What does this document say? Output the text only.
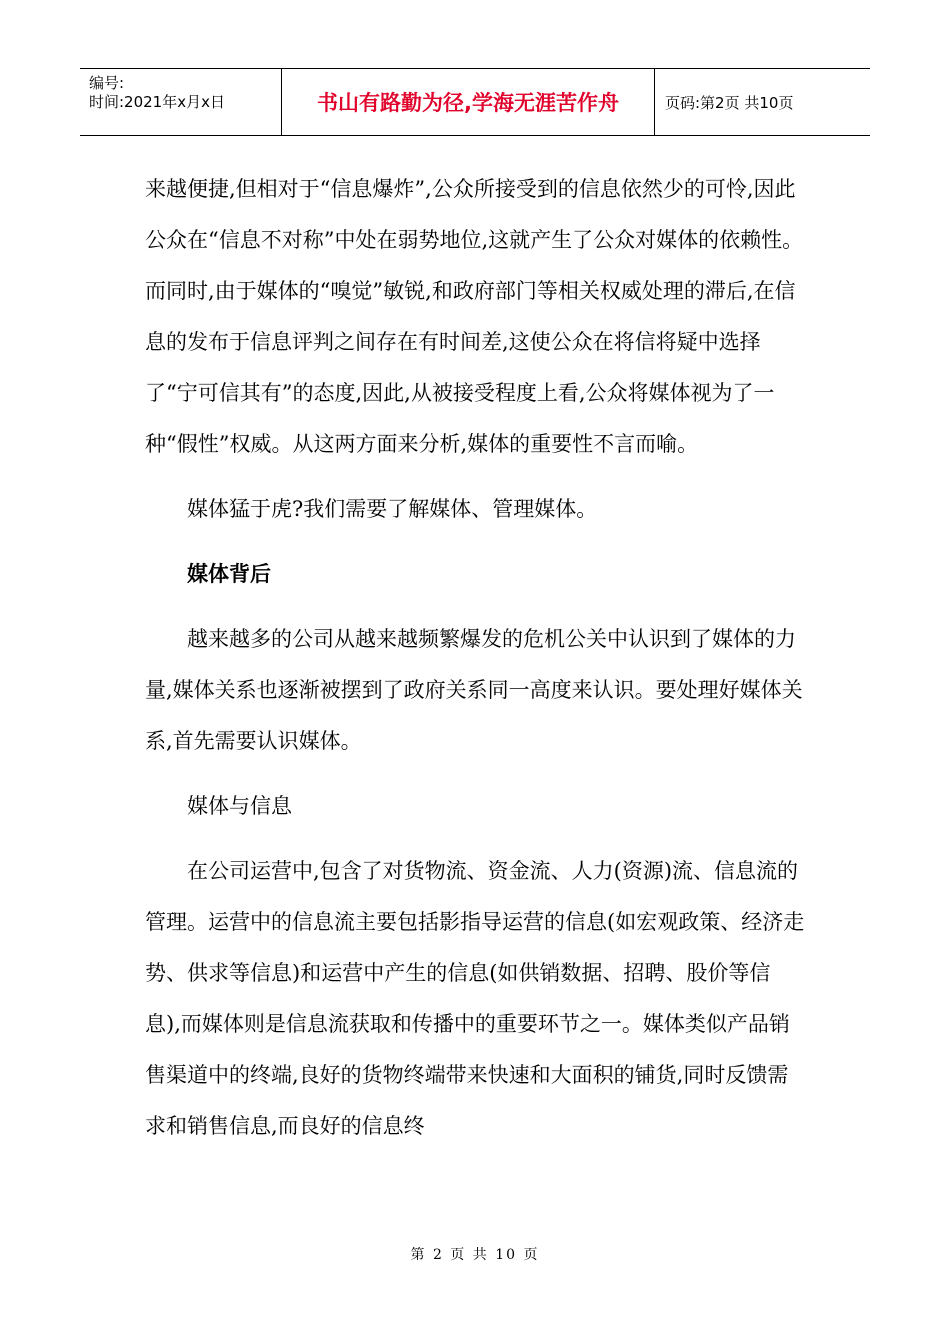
编号:
时间:2021年x月x日	书山有路勤为径,学海无涯苦作舟	页码:第2页 共10页

来越便捷,但相对于“信息爆炸”,公众所接受到的信息依然少的可怜,因此公众在“信息不对称”中处在弱势地位,这就产生了公众对媒体的依赖性。而同时,由于媒体的“嗅觉”敏锐,和政府部门等相关权威处理的滞后,在信息的发布于信息评判之间存在有时间差,这使公众在将信将疑中选择了“宁可信其有”的态度,因此,从被接受程度上看,公众将媒体视为了一种“假性”权威。从这两方面来分析,媒体的重要性不言而喻。

媒体猛于虎?我们需要了解媒体、管理媒体。

媒体背后

越来越多的公司从越来越频繁爆发的危机公关中认识到了媒体的力量,媒体关系也逐渐被摆到了政府关系同一高度来认识。要处理好媒体关系,首先需要认识媒体。

媒体与信息

在公司运营中,包含了对货物流、资金流、人力(资源)流、信息流的管理。运营中的信息流主要包括影指导运营的信息(如宏观政策、经济走势、供求等信息)和运营中产生的信息(如供销数据、招聘、股价等信息),而媒体则是信息流获取和传播中的重要环节之一。媒体类似产品销售渠道中的终端,良好的货物终端带来快速和大面积的铺货,同时反馈需求和销售信息,而良好的信息终

第 2 页 共 10 页
